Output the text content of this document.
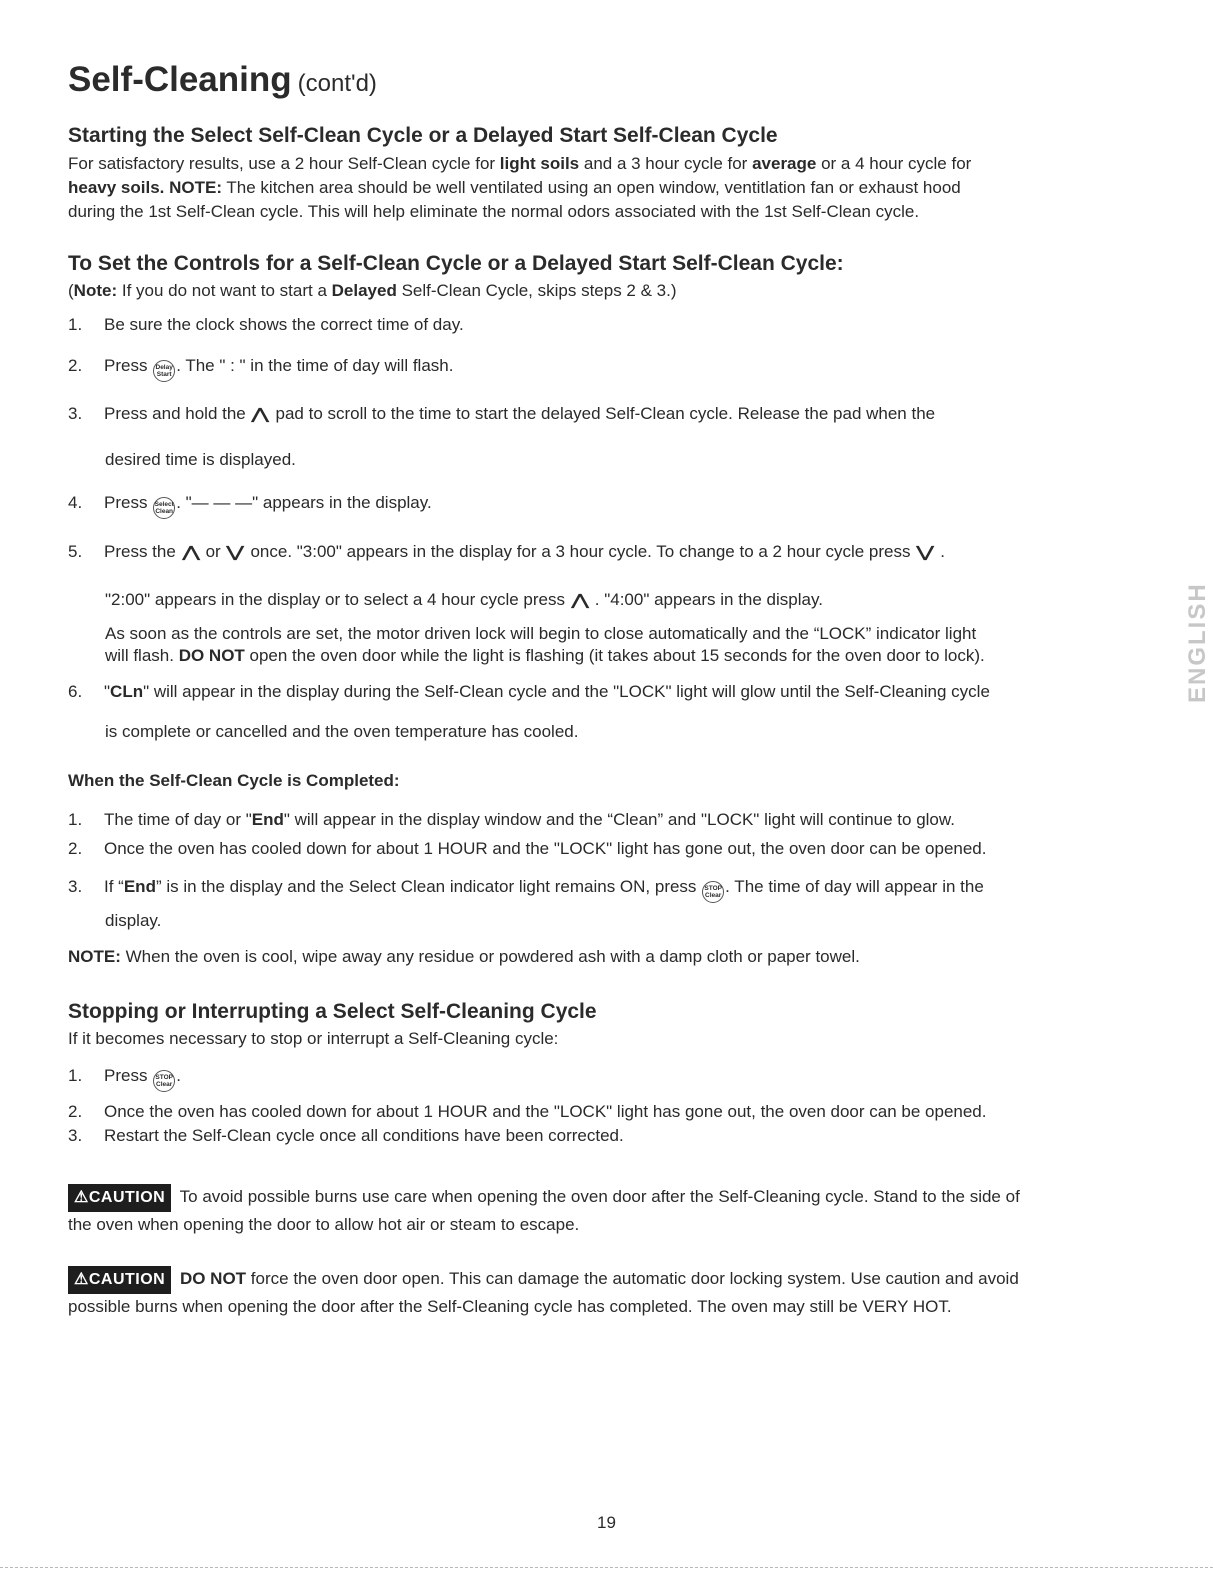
Self-Cleaning (cont'd)
Starting the Select Self-Clean Cycle or a Delayed Start Self-Clean Cycle
For satisfactory results, use a 2 hour Self-Clean cycle for light soils and a 3 hour cycle for average or a 4 hour cycle for
heavy soils. NOTE: The kitchen area should be well ventilated using an open window, ventitlation fan or exhaust hood
during the 1st Self-Clean cycle. This will help eliminate the normal odors associated with the 1st Self-Clean cycle.
To Set the Controls for a Self-Clean Cycle or a Delayed Start Self-Clean Cycle:
(Note: If you do not want to start a Delayed Self-Clean Cycle, skips steps 2 & 3.)
1. Be sure the clock shows the correct time of day.
2. Press Delay
Start . The " : " in the time of day will flash.
3. Press and hold the ⋀ pad to scroll to the time to start the delayed Self-Clean cycle. Release the pad when the
desired time is displayed.
4. Press Select
Clean . "— — —" appears in the display.
5. Press the ⋀ or ⋁ once. "3:00" appears in the display for a 3 hour cycle. To change to a 2 hour cycle press ⋁ .
"2:00" appears in the display or to select a 4 hour cycle press ⋀ . "4:00" appears in the display.
As soon as the controls are set, the motor driven lock will begin to close automatically and the “LOCK” indicator light
will flash. DO NOT open the oven door while the light is flashing (it takes about 15 seconds for the oven door to lock).
6. "CLn" will appear in the display during the Self-Clean cycle and the "LOCK" light will glow until the Self-Cleaning cycle
is complete or cancelled and the oven temperature has cooled.
When the Self-Clean Cycle is Completed:
1. The time of day or "End" will appear in the display window and the “Clean” and "LOCK" light will continue to glow.
2. Once the oven has cooled down for about 1 HOUR and the "LOCK" light has gone out, the oven door can be opened.
3. If “End” is in the display and the Select Clean indicator light remains ON, press STOP
Clear . The time of day will appear in the
display.
NOTE: When the oven is cool, wipe away any residue or powdered ash with a damp cloth or paper towel.
Stopping or Interrupting a Select Self-Cleaning Cycle
If it becomes necessary to stop or interrupt a Self-Cleaning cycle:
1. Press STOP
Clear .
2. Once the oven has cooled down for about 1 HOUR and the "LOCK" light has gone out, the oven door can be opened.
3. Restart the Self-Clean cycle once all conditions have been corrected.
⚠CAUTION To avoid possible burns use care when opening the oven door after the Self-Cleaning cycle. Stand to the side of
the oven when opening the door to allow hot air or steam to escape.
⚠CAUTION DO NOT force the oven door open. This can damage the automatic door locking system. Use caution and avoid
possible burns when opening the door after the Self-Cleaning cycle has completed. The oven may still be VERY HOT.
ENGLISH
19
